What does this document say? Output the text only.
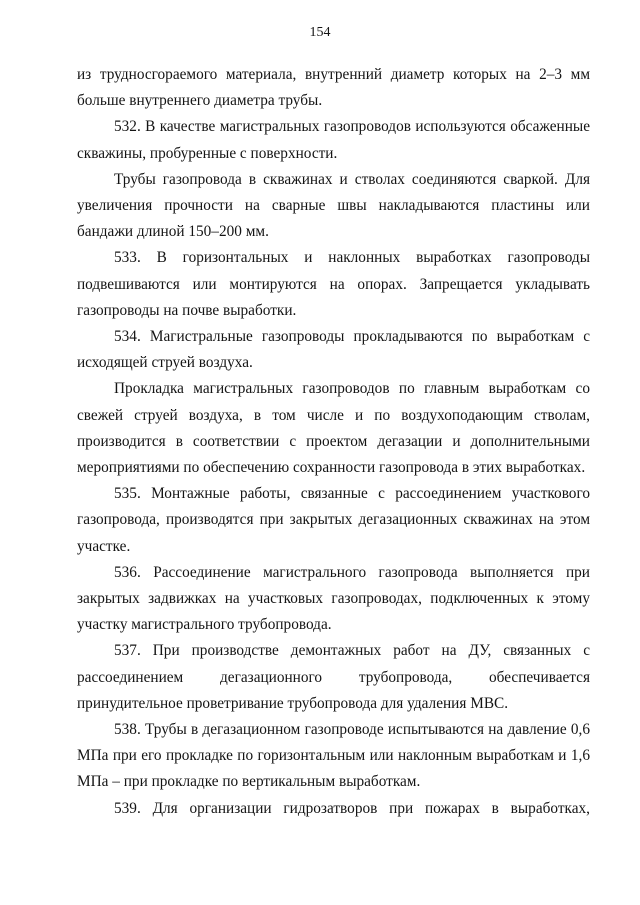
154

из трудносгораемого материала, внутренний диаметр которых на 2–3 мм больше внутреннего диаметра трубы.

532. В качестве магистральных газопроводов используются обсаженные скважины, пробуренные с поверхности.

Трубы газопровода в скважинах и стволах соединяются сваркой. Для увеличения прочности на сварные швы накладываются пластины или бандажи длиной 150–200 мм.

533. В горизонтальных и наклонных выработках газопроводы подвешиваются или монтируются на опорах. Запрещается укладывать газопроводы на почве выработки.

534. Магистральные газопроводы прокладываются по выработкам с исходящей струей воздуха.

Прокладка магистральных газопроводов по главным выработкам со свежей струей воздуха, в том числе и по воздухоподающим стволам, производится в соответствии с проектом дегазации и дополнительными мероприятиями по обеспечению сохранности газопровода в этих выработках.

535. Монтажные работы, связанные с рассоединением участкового газопровода, производятся при закрытых дегазационных скважинах на этом участке.

536. Рассоединение магистрального газопровода выполняется при закрытых задвижках на участковых газопроводах, подключенных к этому участку магистрального трубопровода.

537. При производстве демонтажных работ на ДУ, связанных с рассоединением дегазационного трубопровода, обеспечивается принудительное проветривание трубопровода для удаления МВС.

538. Трубы в дегазационном газопроводе испытываются на давление 0,6 МПа при его прокладке по горизонтальным или наклонным выработкам и 1,6 МПа – при прокладке по вертикальным выработкам.

539. Для организации гидрозатворов при пожарах в выработках,
